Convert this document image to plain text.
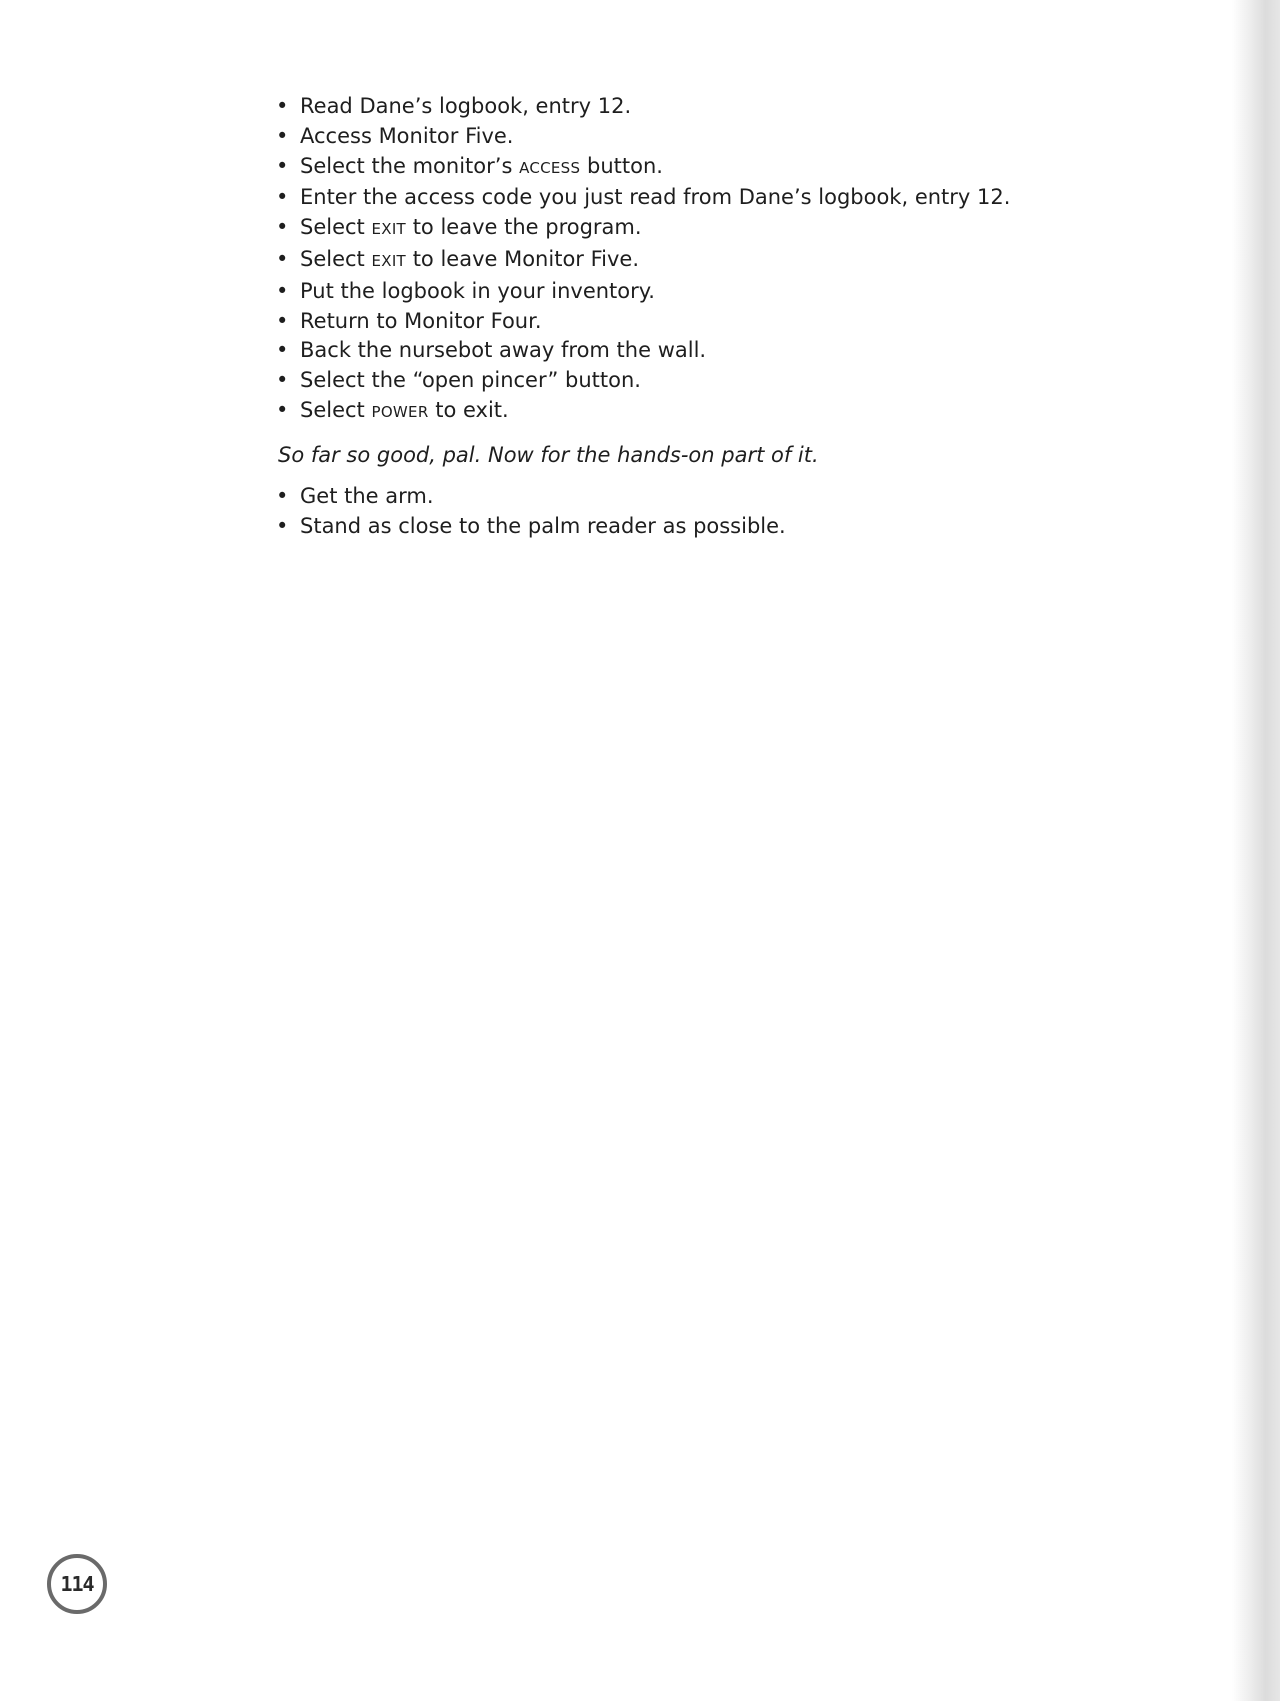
• Read Dane’s logbook, entry 12.
• Access Monitor Five.
• Select the monitor’s ACCESS button.
• Enter the access code you just read from Dane’s logbook, entry 12.
• Select EXIT to leave the program.
• Select EXIT to leave Monitor Five.
• Put the logbook in your inventory.
• Return to Monitor Four.
• Back the nursebot away from the wall.
• Select the “open pincer” button.
• Select POWER to exit.

So far so good, pal. Now for the hands-on part of it.

• Get the arm.
• Stand as close to the palm reader as possible.
114
